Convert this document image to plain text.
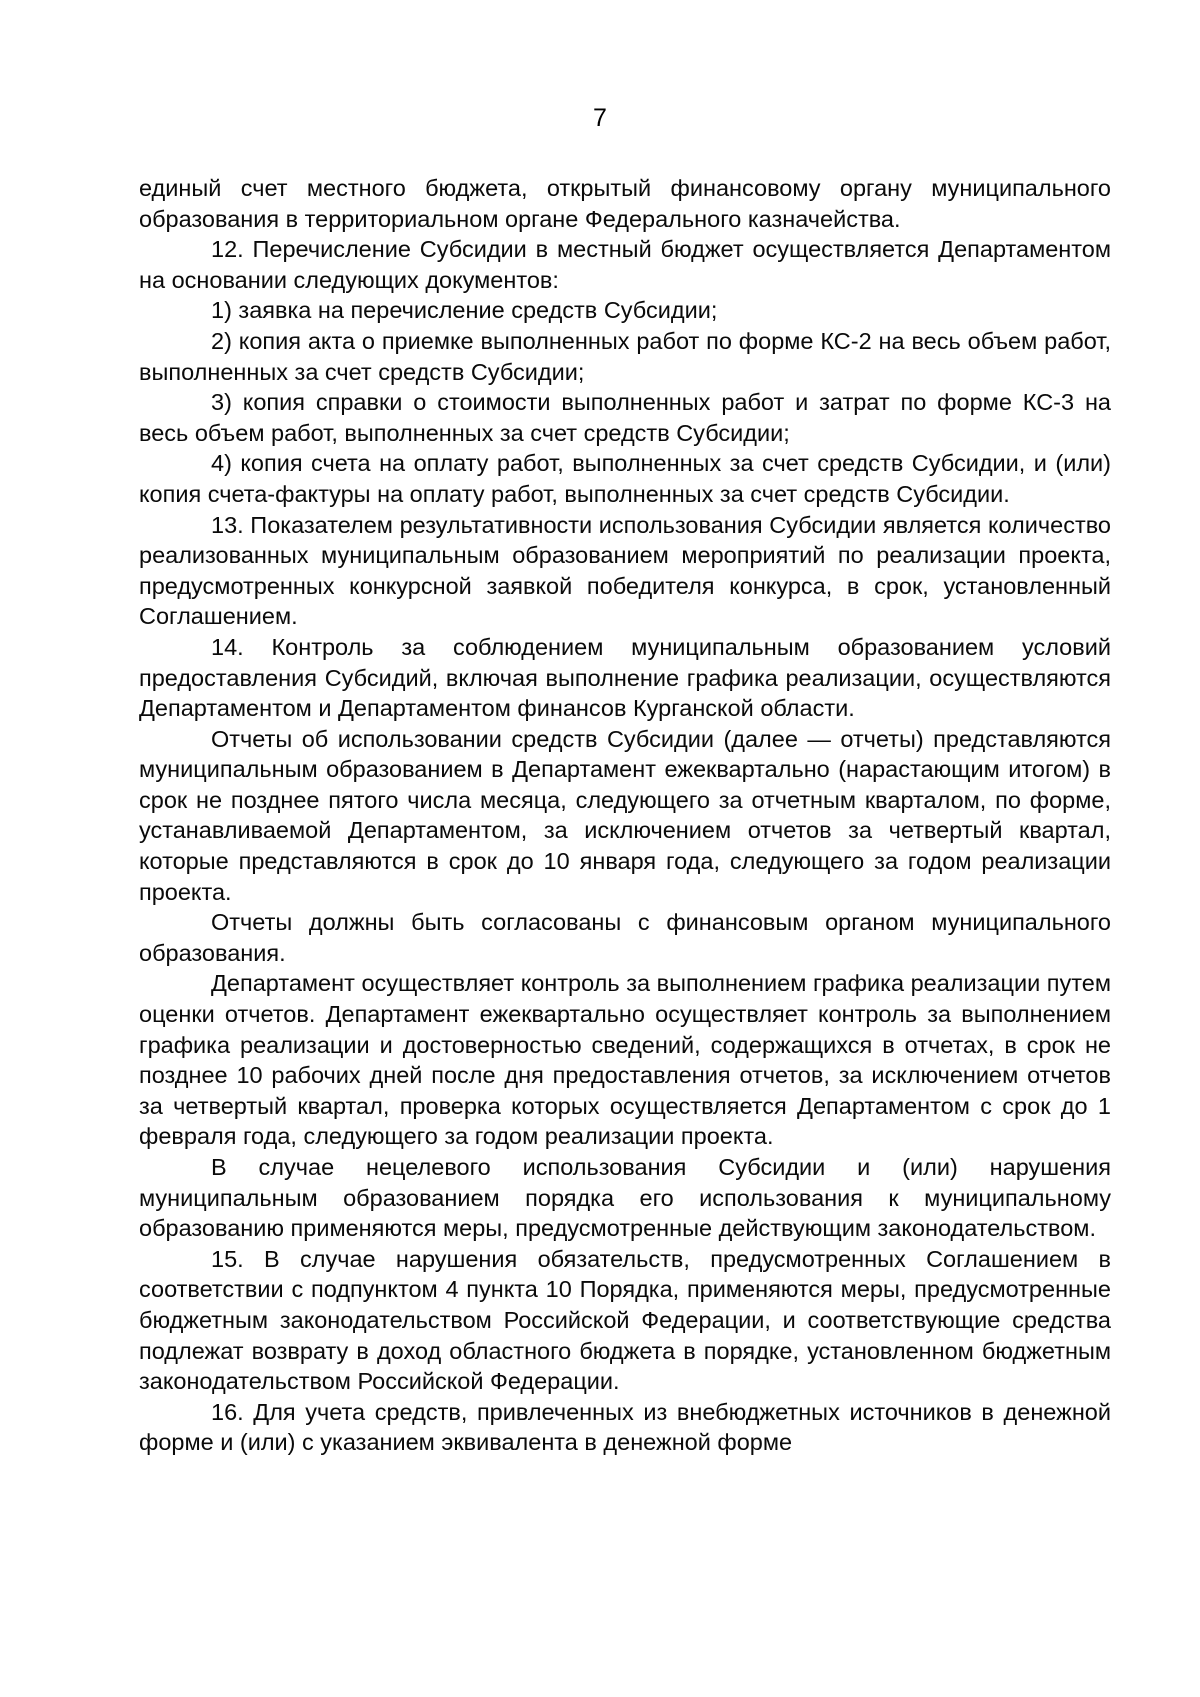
7

единый счет местного бюджета, открытый финансовому органу муниципального образования в территориальном органе Федерального казначейства.

12. Перечисление Субсидии в местный бюджет осуществляется Департаментом на основании следующих документов:

1) заявка на перечисление средств Субсидии;

2) копия акта о приемке выполненных работ по форме КС-2 на весь объем работ, выполненных за счет средств Субсидии;

3) копия справки о стоимости выполненных работ и затрат по форме КС-3 на весь объем работ, выполненных за счет средств Субсидии;

4) копия счета на оплату работ, выполненных за счет средств Субсидии, и (или) копия счета-фактуры на оплату работ, выполненных за счет средств Субсидии.

13. Показателем результативности использования Субсидии является количество реализованных муниципальным образованием мероприятий по реализации проекта, предусмотренных конкурсной заявкой победителя конкурса, в срок, установленный Соглашением.

14. Контроль за соблюдением муниципальным образованием условий предоставления Субсидий, включая выполнение графика реализации, осуществляются Департаментом и Департаментом финансов Курганской области.

Отчеты об использовании средств Субсидии (далее — отчеты) представляются муниципальным образованием в Департамент ежеквартально (нарастающим итогом) в срок не позднее пятого числа месяца, следующего за отчетным кварталом, по форме, устанавливаемой Департаментом, за исключением отчетов за четвертый квартал, которые представляются в срок до 10 января года, следующего за годом реализации проекта.

Отчеты должны быть согласованы с финансовым органом муниципального образования.

Департамент осуществляет контроль за выполнением графика реализации путем оценки отчетов. Департамент ежеквартально осуществляет контроль за выполнением графика реализации и достоверностью сведений, содержащихся в отчетах, в срок не позднее 10 рабочих дней после дня предоставления отчетов, за исключением отчетов за четвертый квартал, проверка которых осуществляется Департаментом с срок до 1 февраля года, следующего за годом реализации проекта.

В случае нецелевого использования Субсидии и (или) нарушения муниципальным образованием порядка его использования к муниципальному образованию применяются меры, предусмотренные действующим законодательством.

15. В случае нарушения обязательств, предусмотренных Соглашением в соответствии с подпунктом 4 пункта 10 Порядка, применяются меры, предусмотренные бюджетным законодательством Российской Федерации, и соответствующие средства подлежат возврату в доход областного бюджета в порядке, установленном бюджетным законодательством Российской Федерации.

16. Для учета средств, привлеченных из внебюджетных источников в денежной форме и (или) с указанием эквивалента в денежной форме
